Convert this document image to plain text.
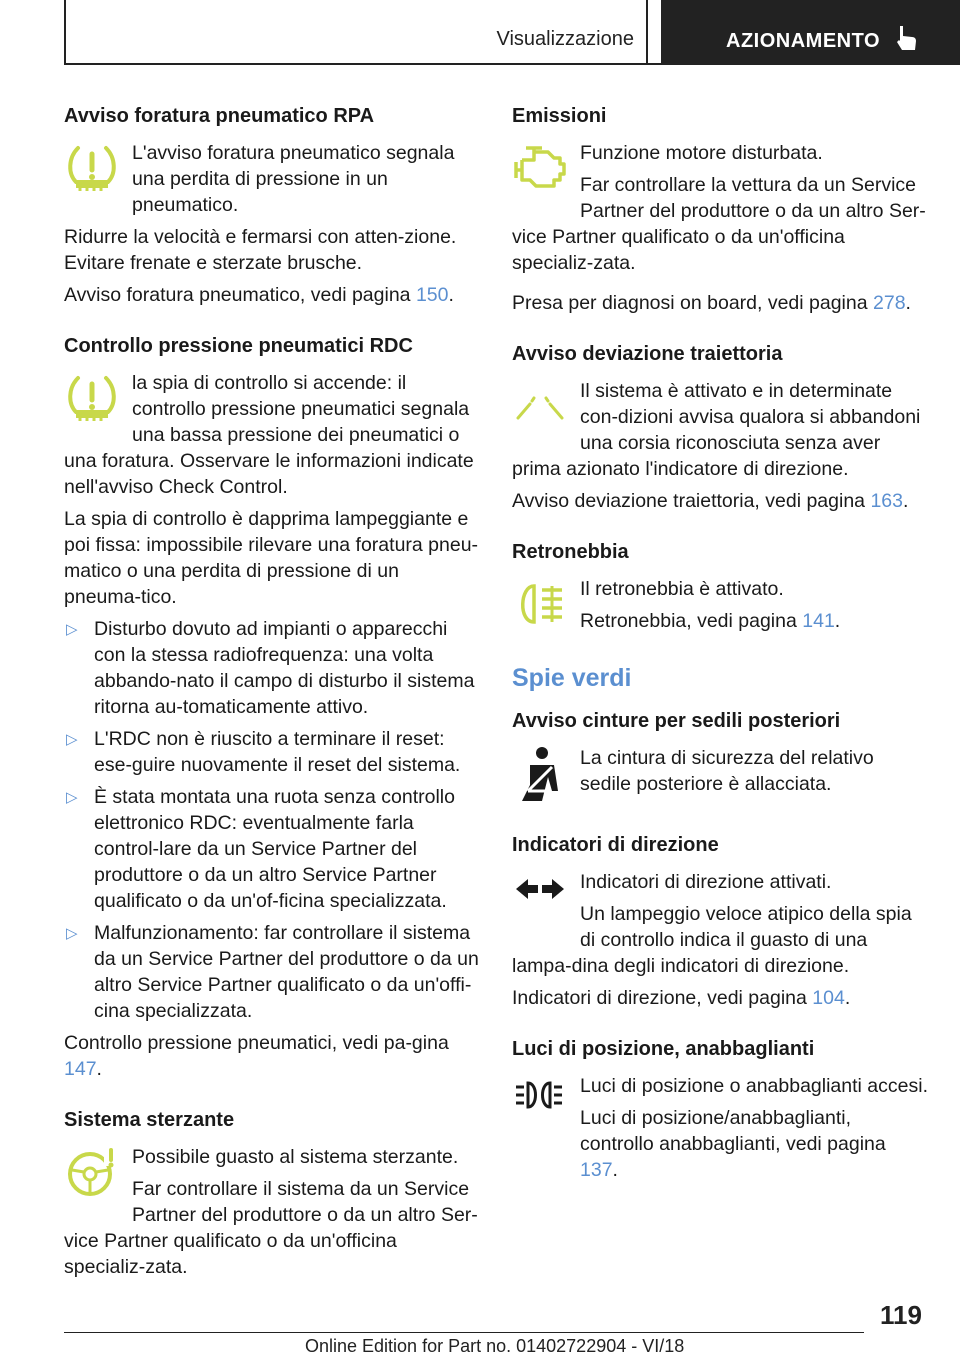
Visualizzazione	AZIONAMENTO
Avviso foratura pneumatico RPA

L'avviso foratura pneumatico segnala una perdita di pressione in un pneumatico.

Ridurre la velocità e fermarsi con atten-zione. Evitare frenate e sterzate brusche.

Avviso foratura pneumatico, vedi pagina 150.

Controllo pressione pneumatici RDC

la spia di controllo si accende: il controllo pressione pneumatici segnala una bassa pressione dei pneumatici o una foratura. Osservare le informazioni indicate nell'avviso Check Control.

La spia di controllo è dapprima lampeggiante e poi fissa: impossibile rilevare una foratura pneu-matico o una perdita di pressione di un pneuma-tico.

▷ Disturbo dovuto ad impianti o apparecchi con la stessa radiofrequenza: una volta abbando-nato il campo di disturbo il sistema ritorna au-tomaticamente attivo.
▷ L'RDC non è riuscito a terminare il reset: ese-guire nuovamente il reset del sistema.
▷ È stata montata una ruota senza controllo elettronico RDC: eventualmente farla control-lare da un Service Partner del produttore o da un altro Service Partner qualificato o da un'of-ficina specializzata.
▷ Malfunzionamento: far controllare il sistema da un Service Partner del produttore o da un altro Service Partner qualificato o da un'offi-cina specializzata.

Controllo pressione pneumatici, vedi pa-gina 147.

Sistema sterzante

Possibile guasto al sistema sterzante.

Far controllare il sistema da un Service Partner del produttore o da un altro Ser-vice Partner qualificato o da un'officina specializ-zata.

Emissioni

Funzione motore disturbata.

Far controllare la vettura da un Service Partner del produttore o da un altro Ser-vice Partner qualificato o da un'officina specializ-zata.

Presa per diagnosi on board, vedi pagina 278.

Avviso deviazione traiettoria

Il sistema è attivato e in determinate con-dizioni avvisa qualora si abbandoni una corsia riconosciuta senza aver prima azionato l'indicatore di direzione.

Avviso deviazione traiettoria, vedi pagina 163.

Retronebbia

Il retronebbia è attivato.

Retronebbia, vedi pagina 141.

Spie verdi
Avviso cinture per sedili posteriori

La cintura di sicurezza del relativo sedile posteriore è allacciata.

Indicatori di direzione

Indicatori di direzione attivati.

Un lampeggio veloce atipico della spia di controllo indica il guasto di una lampa-dina degli indicatori di direzione.

Indicatori di direzione, vedi pagina 104.

Luci di posizione, anabbaglianti

Luci di posizione o anabbaglianti accesi.

Luci di posizione/anabbaglianti, controllo anabbaglianti, vedi pagina 137.

119
Online Edition for Part no. 01402722904 - VI/18
